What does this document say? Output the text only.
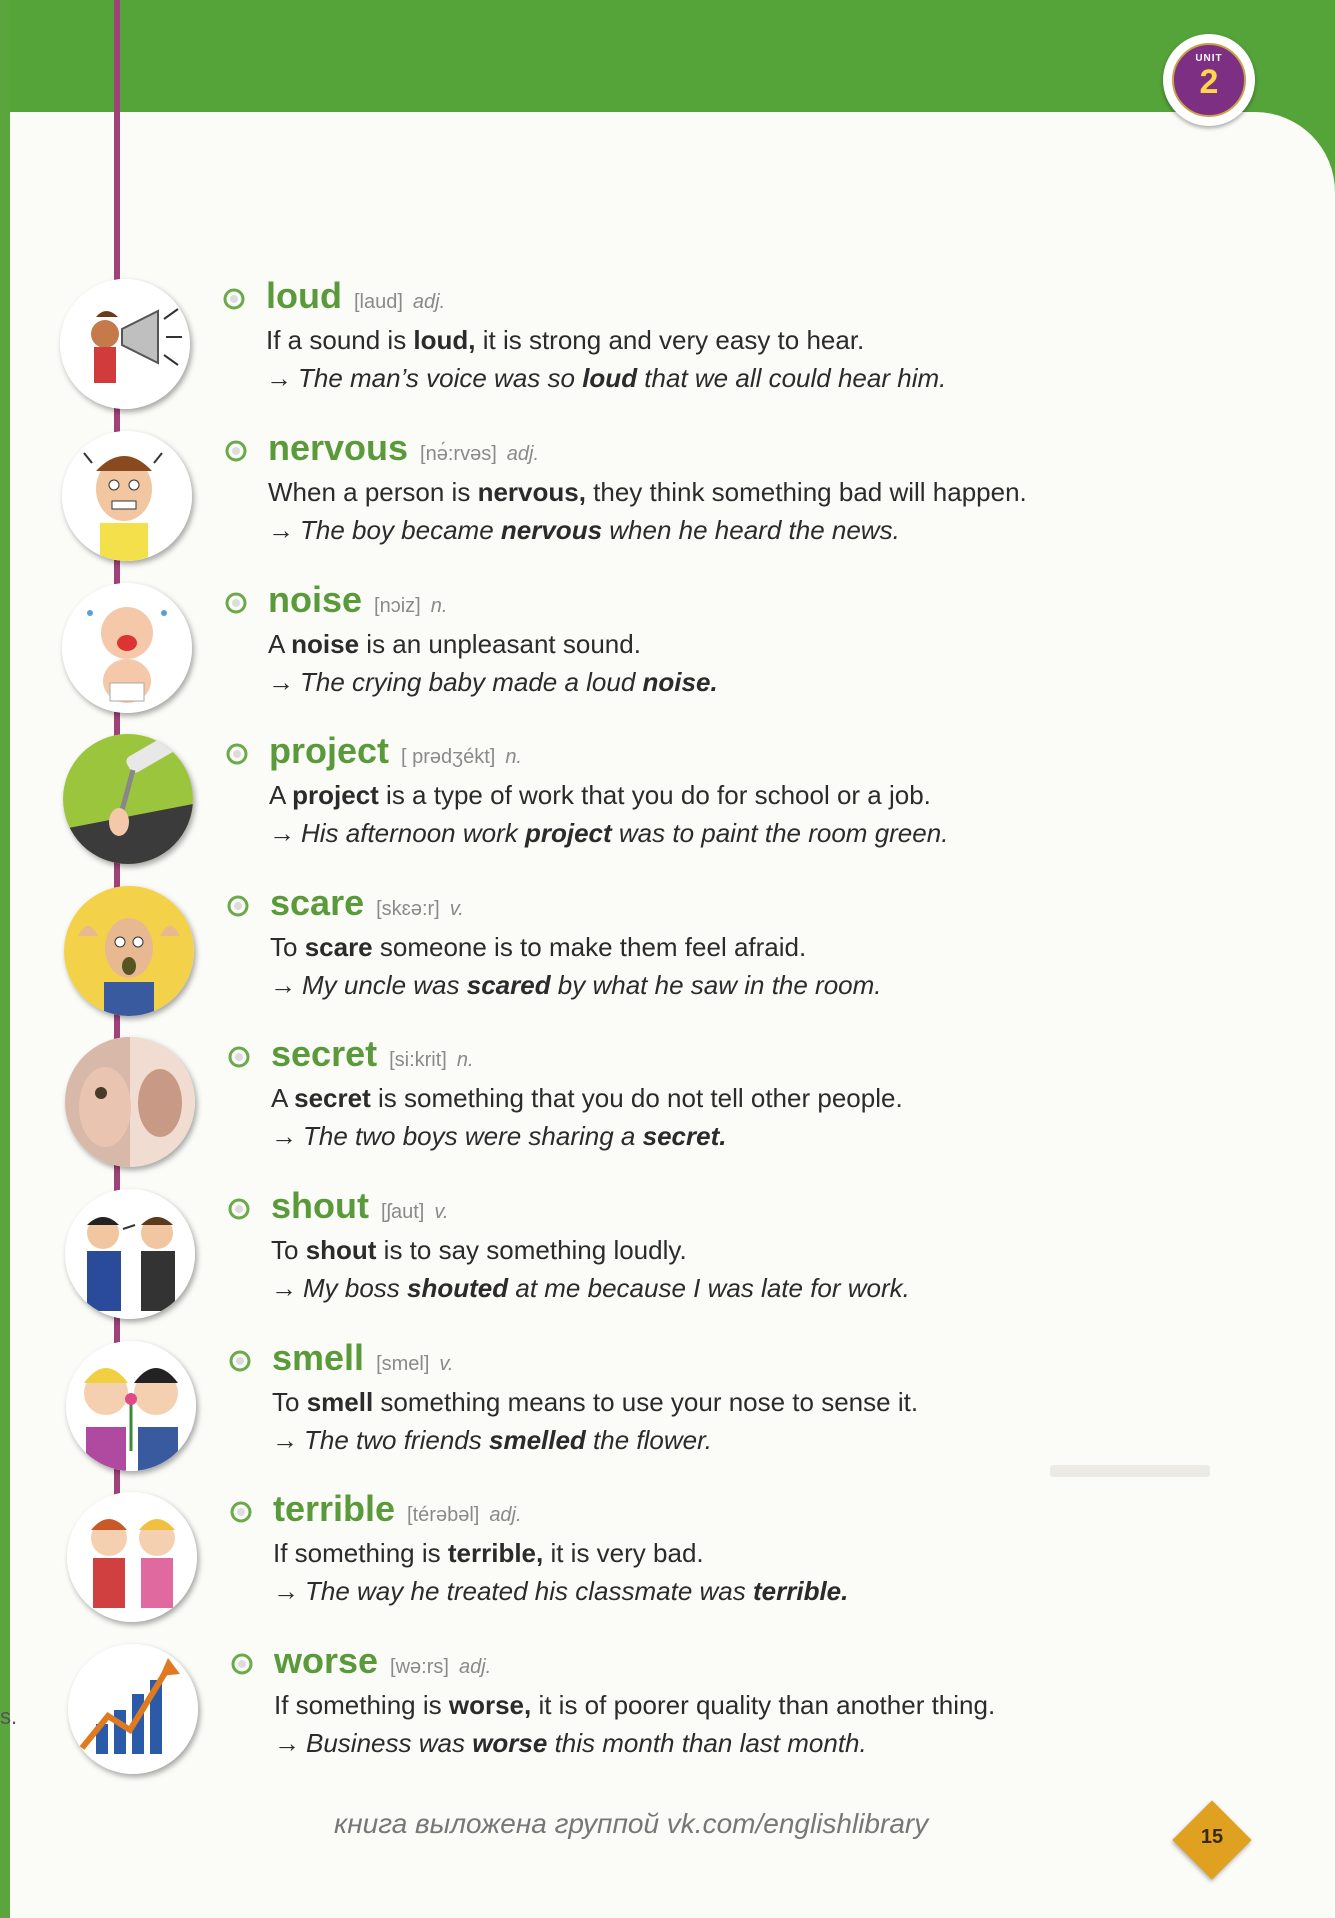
UNIT
2
s.
loud [laud] adj.
If a sound is loud, it is strong and very easy to hear.
→ The man’s voice was so loud that we all could hear him.
nervous [nə́:rvəs] adj.
When a person is nervous, they think something bad will happen.
→ The boy became nervous when he heard the news.
noise [nɔiz] n.
A noise is an unpleasant sound.
→ The crying baby made a loud noise.
project [ prədʒékt] n.
A project is a type of work that you do for school or a job.
→ His afternoon work project was to paint the room green.
scare [skɛə:r] v.
To scare someone is to make them feel afraid.
→ My uncle was scared by what he saw in the room.
secret [si:krit] n.
A secret is something that you do not tell other people.
→ The two boys were sharing a secret.
shout [ʃaut] v.
To shout is to say something loudly.
→ My boss shouted at me because I was late for work.
smell [smel] v.
To smell something means to use your nose to sense it.
→ The two friends smelled the flower.
terrible [térəbəl] adj.
If something is terrible, it is very bad.
→ The way he treated his classmate was terrible.
worse [wə:rs] adj.
If something is worse, it is of poorer quality than another thing.
→ Business was worse this month than last month.
книга выложена группой vk.com/englishlibrary	15
